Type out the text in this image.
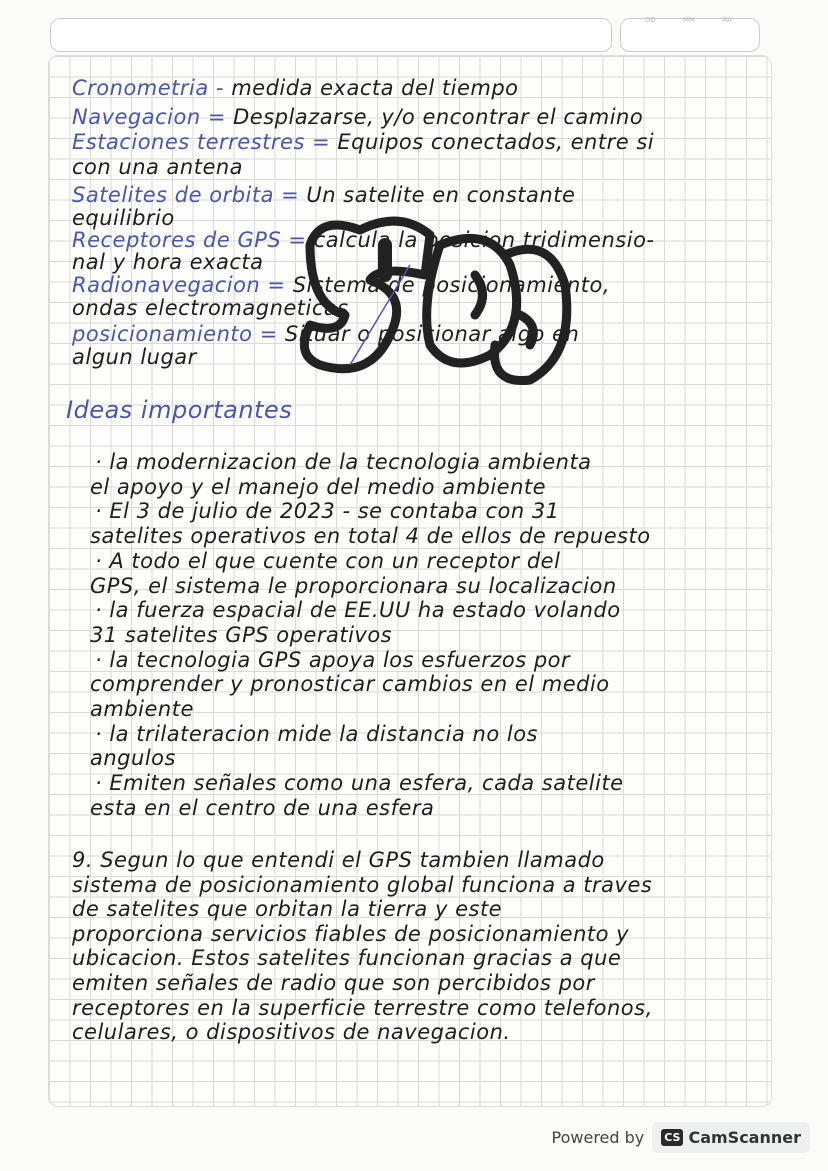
DD	MM	AA
Cronometria - medida exacta del tiempo
Navegacion = Desplazarse, y/o encontrar el camino
Estaciones terrestres = Equipos conectados, entre si
con una antena
Satelites de orbita = Un satelite en constante
equilibrio
Receptores de GPS = calcula la posicion tridimensio-
nal y hora exacta
Radionavegacion = Sistema de posicionamiento,
ondas electromagneticas
posicionamiento = Situar o posicionar algo en
algun lugar
Ideas importantes
· la modernizacion de la tecnologia ambienta
el apoyo y el manejo del medio ambiente
· El 3 de julio de 2023 - se contaba con 31
satelites operativos en total 4 de ellos de repuesto
· A todo el que cuente con un receptor del
GPS, el sistema le proporcionara su localizacion
· la fuerza espacial de EE.UU ha estado volando
31 satelites GPS operativos
· la tecnologia GPS apoya los esfuerzos por
comprender y pronosticar cambios en el medio
ambiente
· la trilateracion mide la distancia no los
angulos
· Emiten señales como una esfera, cada satelite
esta en el centro de una esfera
9. Segun lo que entendi el GPS tambien llamado
sistema de posicionamiento global funciona a traves
de satelites que orbitan la tierra y este
proporciona servicios fiables de posicionamiento y
ubicacion. Estos satelites funcionan gracias a que
emiten señales de radio que son percibidos por
receptores en la superficie terrestre como telefonos,
celulares, o dispositivos de navegacion.
Powered by CS CamScanner
